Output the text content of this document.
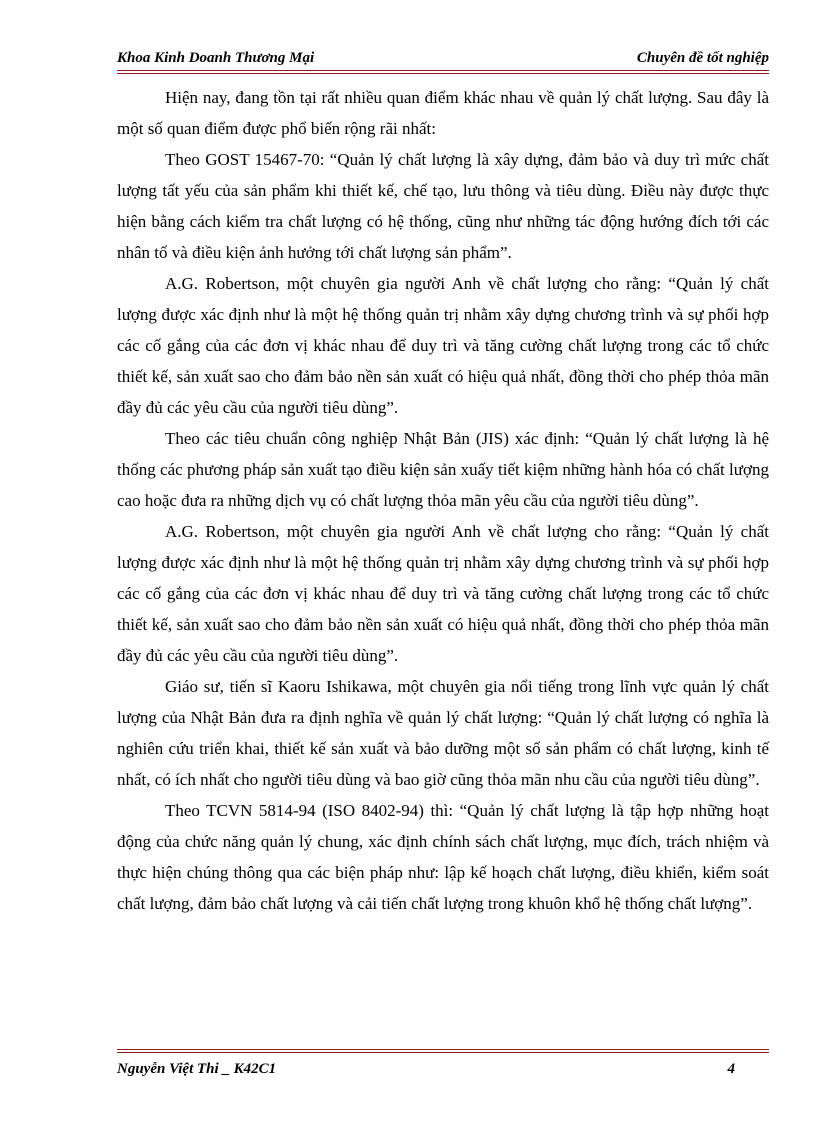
Khoa Kinh Doanh Thương Mại	Chuyên đề tốt nghiệp

Hiện nay, đang tồn tại rất nhiều quan điểm khác nhau về quản lý chất lượng. Sau đây là một số quan điểm được phổ biến rộng rãi nhất:

Theo GOST 15467-70: “Quản lý chất lượng là xây dựng, đảm bảo và duy trì mức chất lượng tất yếu của sản phẩm khi thiết kế, chế tạo, lưu thông và tiêu dùng. Điều này được thực hiện bằng cách kiểm tra chất lượng có hệ thống, cũng như những tác động hướng đích tới các nhân tố và điều kiện ảnh hưởng tới chất lượng sản phẩm”.

A.G. Robertson, một chuyên gia người Anh về chất lượng cho rằng: “Quản lý chất lượng được xác định như là một hệ thống quản trị nhằm xây dựng chương trình và sự phối hợp các cố gắng của các đơn vị khác nhau để duy trì và tăng cường chất lượng trong các tổ chức thiết kế, sản xuất sao cho đảm bảo nền sản xuất có hiệu quả nhất, đồng thời cho phép thỏa mãn đầy đủ các yêu cầu của người tiêu dùng”.

Theo các tiêu chuẩn công nghiệp Nhật Bản (JIS) xác định: “Quản lý chất lượng là hệ thống các phương pháp sản xuất tạo điều kiện sản xuấy tiết kiệm những hành hóa có chất lượng cao hoặc đưa ra những dịch vụ có chất lượng thỏa mãn yêu cầu của người tiêu dùng”.

A.G. Robertson, một chuyên gia người Anh về chất lượng cho rằng: “Quản lý chất lượng được xác định như là một hệ thống quản trị nhằm xây dựng chương trình và sự phối hợp các cố gắng của các đơn vị khác nhau để duy trì và tăng cường chất lượng trong các tổ chức thiết kế, sản xuất sao cho đảm bảo nền sản xuất có hiệu quả nhất, đồng thời cho phép thỏa mãn đầy đủ các yêu cầu của người tiêu dùng”.

Giáo sư, tiến sĩ Kaoru Ishikawa, một chuyên gia nổi tiếng trong lĩnh vực quản lý chất lượng của Nhật Bản đưa ra định nghĩa về quản lý chất lượng: “Quản lý chất lượng có nghĩa là nghiên cứu triển khai, thiết kế sản xuất và bảo dưỡng một số sản phẩm có chất lượng, kinh tế nhất, có ích nhất cho người tiêu dùng và bao giờ cũng thỏa mãn nhu cầu của người tiêu dùng”.

Theo TCVN 5814-94 (ISO 8402-94) thì: “Quản lý chất lượng là tập hợp những hoạt động của chức năng quản lý chung, xác định chính sách chất lượng, mục đích, trách nhiệm và thực hiện chúng thông qua các biện pháp như: lập kế hoạch chất lượng, điều khiển, kiểm soát chất lượng, đảm bảo chất lượng và cải tiến chất lượng trong khuôn khổ hệ thống chất lượng”.

Nguyễn Việt Thi _ K42C1	4
